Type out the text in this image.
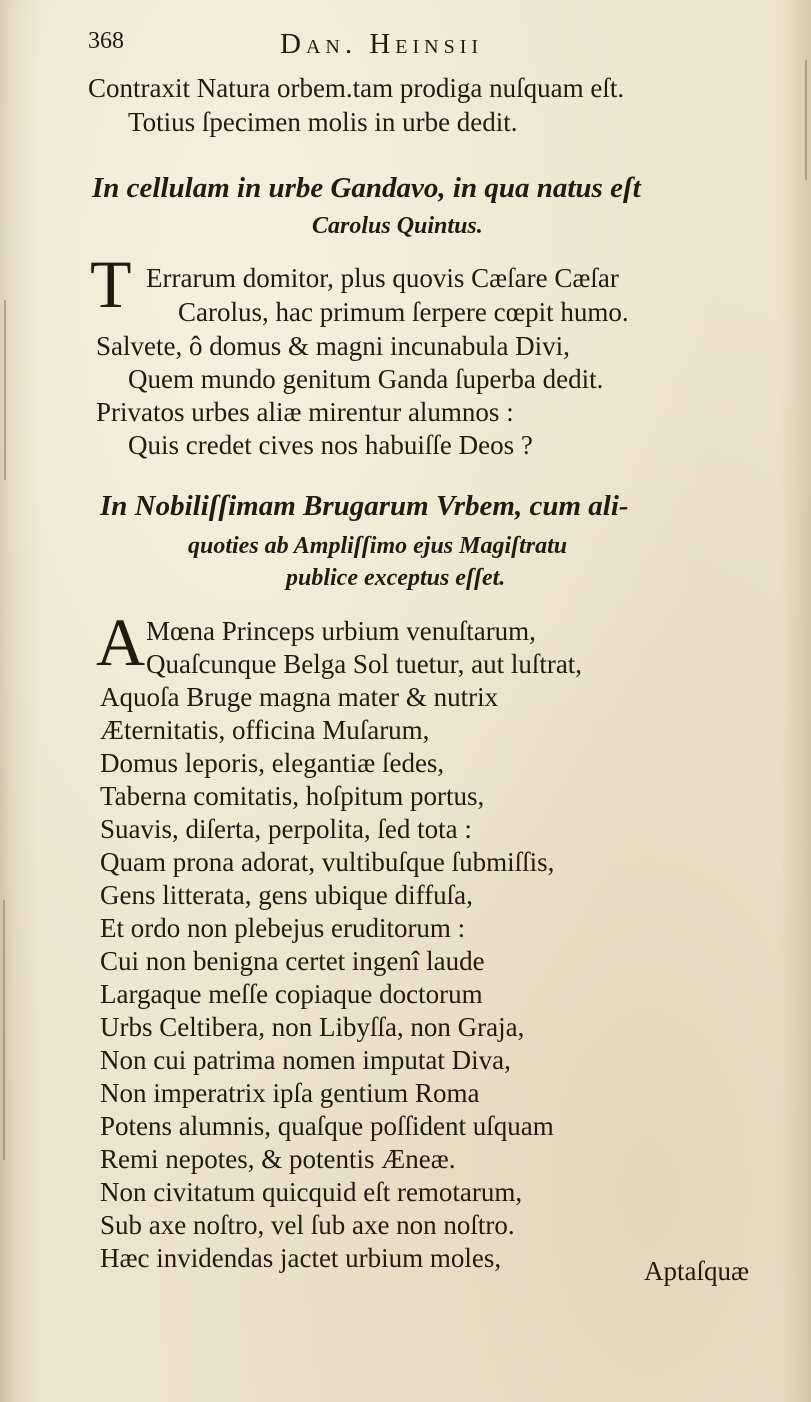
368	Dan. Heinsii
Contraxit Natura orbem.tam prodiga nuſquam eſt.
Totius ſpecimen molis in urbe dedit.
In cellulam in urbe Gandavo, in qua natus eſt
Carolus Quintus.
T Errarum domitor, plus quovis Cæſare Cæſar
Carolus, hac primum ſerpere cœpit humo.
Salvete, ô domus & magni incunabula Divi,
Quem mundo genitum Ganda ſuperba dedit.
Privatos urbes aliæ mirentur alumnos :
Quis credet cives nos habuiſſe Deos ?
In Nobiliſſimam Brugarum Vrbem, cum ali-
quoties ab Ampliſſimo ejus Magiſtratu
publice exceptus eſſet.
A Mœna Princeps urbium venuſtarum,
Quaſcunque Belga Sol tuetur, aut luſtrat,
Aquoſa Bruge magna mater & nutrix
Æternitatis, officina Muſarum,
Domus leporis, elegantiæ ſedes,
Taberna comitatis, hoſpitum portus,
Suavis, diſerta, perpolita, ſed tota :
Quam prona adorat, vultibuſque ſubmiſſis,
Gens litterata, gens ubique diffuſa,
Et ordo non plebejus eruditorum :
Cui non benigna certet ingenî laude
Largaque meſſe copiaque doctorum
Urbs Celtibera, non Libyſſa, non Graja,
Non cui patrima nomen imputat Diva,
Non imperatrix ipſa gentium Roma
Potens alumnis, quaſque poſſident uſquam
Remi nepotes, & potentis Æneæ.
Non civitatum quicquid eſt remotarum,
Sub axe noſtro, vel ſub axe non noſtro.
Hæc invidendas jactet urbium moles,	Aptaſquæ
